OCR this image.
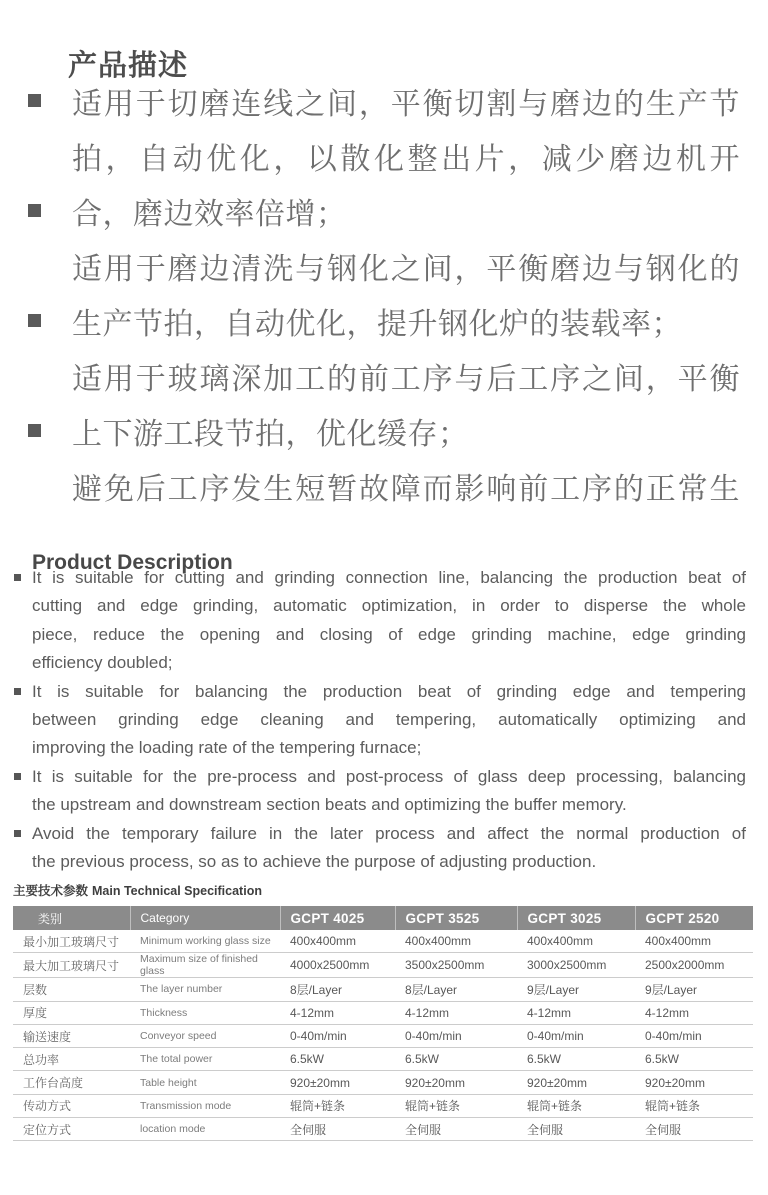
产品描述
适用于切磨连线之间，平衡切割与磨边的生产节
拍，自动优化，以散化整出片，减少磨边机开
合，磨边效率倍增；
适用于磨边清洗与钢化之间，平衡磨边与钢化的
生产节拍，自动优化，提升钢化炉的装载率；
适用于玻璃深加工的前工序与后工序之间，平衡
上下游工段节拍，优化缓存；
避免后工序发生短暂故障而影响前工序的正常生
Product Description
It is suitable for cutting and grinding connection line, balancing the production beat of
cutting and edge grinding, automatic optimization, in order to disperse the whole
piece, reduce the opening and closing of edge grinding machine, edge grinding
efficiency doubled;
It is suitable for balancing the production beat of grinding edge and tempering
between grinding edge cleaning and tempering, automatically optimizing and
improving the loading rate of the tempering furnace;
It is suitable for the pre-process and post-process of glass deep processing, balancing
the upstream and downstream section beats and optimizing the buffer memory.
Avoid the temporary failure in the later process and affect the normal production of
the previous process, so as to achieve the purpose of adjusting production.
主要技术参数 Main Technical Specification
类别	Category	GCPT 4025	GCPT 3525	GCPT 3025	GCPT 2520
最小加工玻璃尺寸	Minimum working glass size	400x400mm	400x400mm	400x400mm	400x400mm
最大加工玻璃尺寸	Maximum size of finished glass	4000x2500mm	3500x2500mm	3000x2500mm	2500x2000mm
层数	The layer number	8层/Layer	8层/Layer	9层/Layer	9层/Layer
厚度	Thickness	4-12mm	4-12mm	4-12mm	4-12mm
输送速度	Conveyor speed	0-40m/min	0-40m/min	0-40m/min	0-40m/min
总功率	The total power	6.5kW	6.5kW	6.5kW	6.5kW
工作台高度	Table height	920±20mm	920±20mm	920±20mm	920±20mm
传动方式	Transmission mode	辊筒+链条	辊筒+链条	辊筒+链条	辊筒+链条
定位方式	location mode	全伺服	全伺服	全伺服	全伺服
